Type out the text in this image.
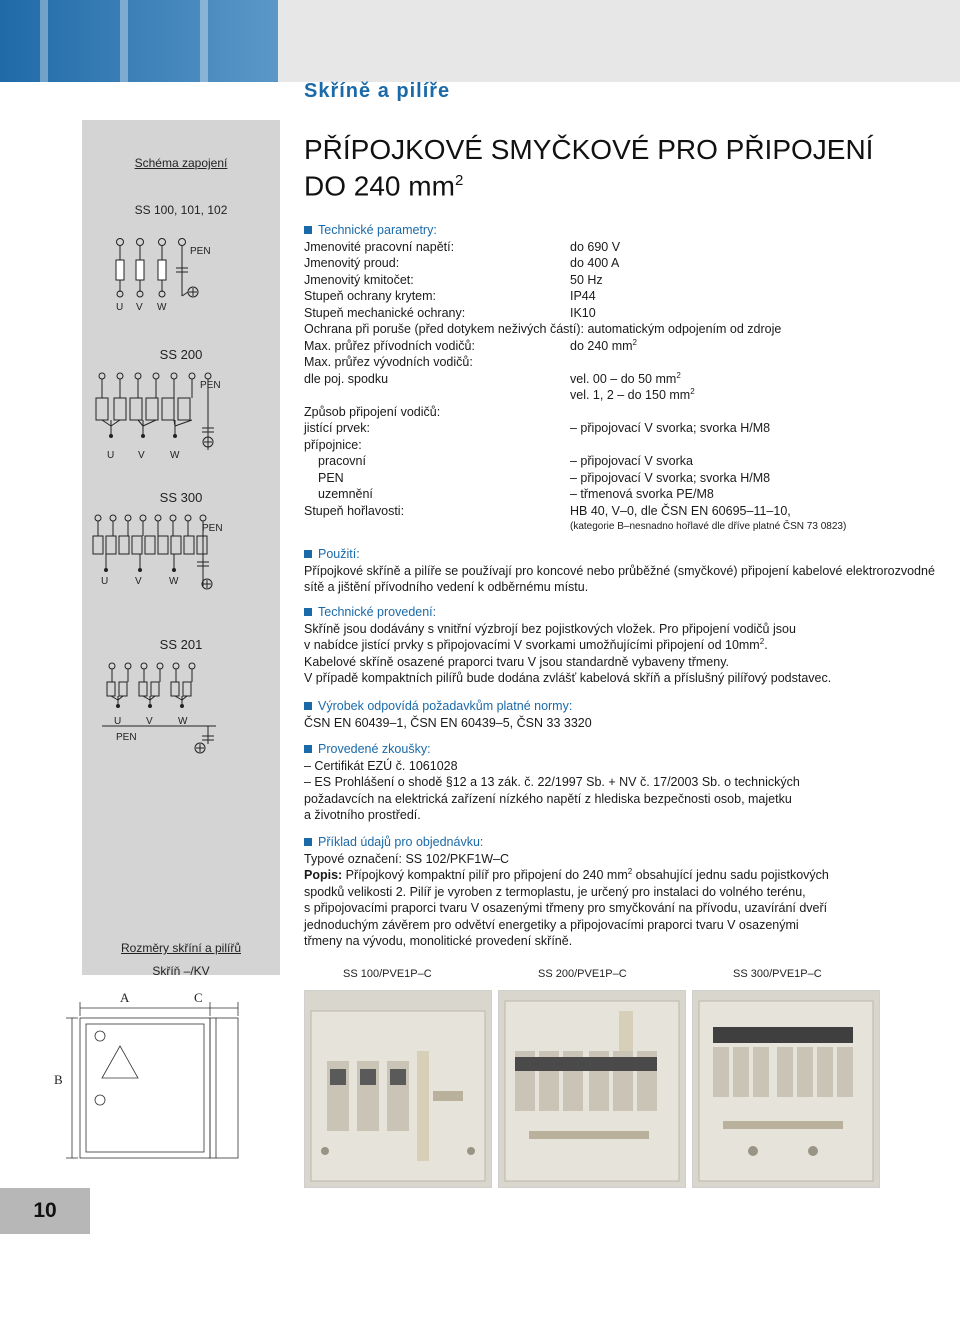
Skříně a pilíře
10
PŘÍPOJKOVÉ SMYČKOVÉ PRO PŘIPOJENÍ
DO 240 $mm^2$
Schéma zapojení
SS 100, 101, 102
SS 200
SS 300
SS 201
PEN
U V W
PEN
U V	W
PEN
U	V	W
U V	W
PEN
Rozměry skříní a pilířů
Skříň –/KV
A	C
B
Technické parametry:
Jmenovité pracovní napětí:	do 690 V
Jmenovitý proud:	do 400 A
Jmenovitý kmitočet:	50 Hz
Stupeň ochrany krytem:	IP44
Stupeň mechanické ochrany:	IK10
Ochrana při poruše (před dotykem neživých částí): automatickým odpojením od zdroje
Max. průřez přívodních vodičů:	do 240 $mm^2$
Max. průřez vývodních vodičů:
dle poj. spodku	vel. 00 – do 50 $mm^2$
vel. 1, 2 – do 150 $mm^2$
Způsob připojení vodičů:
jistící prvek:	– připojovací V svorka; svorka H/M8
přípojnice:
pracovní	– připojovací V svorka
PEN	– připojovací V svorka; svorka H/M8
uzemnění	– třmenová svorka PE/M8
Stupeň hořlavosti:	HB 40, V–0, dle ČSN EN 60695–11–10,
(kategorie B–nesnadno hořlavé dle dříve platné ČSN 73 0823)
Použití:
Přípojkové skříně a pilíře se používají pro koncové nebo průběžné (smyčkové) připojení kabelové elektrorozvodné sítě a jištění přívodního vedení k odběrnému místu.
Technické provedení:
Skříně jsou dodávány s vnitřní výzbrojí bez pojistkových vložek. Pro připojení vodičů jsou
v nabídce jistící prvky s připojovacími V svorkami umožňujícími připojení od $10mm^2$.
Kabelové skříně osazené praporci tvaru V jsou standardně vybaveny třmeny.
V případě kompaktních pilířů bude dodána zvlášť kabelová skříň a příslušný pilířový podstavec.
Výrobek odpovídá požadavkům platné normy:
ČSN EN 60439–1, ČSN EN 60439–5, ČSN 33 3320
Provedené zkoušky:
– Certifikát EZÚ č. 1061028
– ES Prohlášení o shodě §12 a 13 zák. č. 22/1997 Sb. + NV č. 17/2003 Sb. o technických
požadavcích na elektrická zařízení nízkého napětí z hlediska bezpečnosti osob, majetku
a životního prostředí.
Příklad údajů pro objednávku:
Typové označení: SS 102/PKF1W–C
Popis: Přípojkový kompaktní pilíř pro připojení do 240 $mm^2$ obsahující jednu sadu pojistkových
spodků velikosti 2. Pilíř je vyroben z termoplastu, je určený pro instalaci do volného terénu,
s připojovacími praporci tvaru V osazenými třmeny pro smyčkování na přívodu, uzavírání dveří
jednoduchým závěrem pro odvětví energetiky a připojovacími praporci tvaru V osazenými
třmeny na vývodu, monolitické provedení skříně.
SS 100/PVE1P–C	SS 200/PVE1P–C	SS 300/PVE1P–C
